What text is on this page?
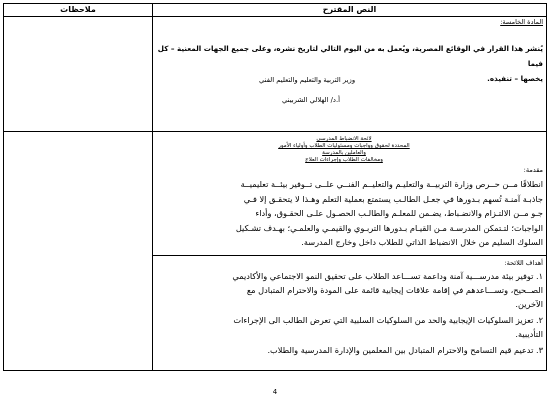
ملاحظات	النص المقترح
المادة الخامسة:
يُنشر هذا القرار في الوقائع المصرية، ويُعمل به من اليوم التالي لتاريخ نشره، وعلى جميع الجهات المعنية – كل فيما
يخصها – تنفيذه.
وزير التربية والتعليم والتعليم الفني
أ.د/ الهلالي الشربيني
لائحة الانضباط المدرسي
المحددة لحقوق وواجبات ومسئوليات الطلاب وأولياء الأمور
والعاملين بالمدرسة
ومخالفات الطلاب وإجراءات العلاج
مقدمة:
انطلاقًا مــن حــرص وزارة التربيــة والتعليـم والتعليــم الفنــي علــى تــوفير بيئــة تعليميــة
جاذبـة آمنـة تُسهم بـدورها في جعـل الطالـب يستمتع بعملية التعلم وهـذا لا يتحقـق إلا فـي
جـو مــن الالتـزام والانضـباط، يضـمن للمعلـم والطالـب الحصـول علـى الحقـوق، وأداء
الواجبات؛ لتـتمكن المدرسـة مـن القيـام بـدورها التربـوي والقيمـي والعلمـي؛ بهـدف تشـكيل
السلوك السليم من خلال الانضباط الذاتي للطلاب داخل وخارج المدرسة.
أهداف اللائحة:
١. توفير بيئة مدرســـية آمنة وداعمة تســـاعد الطلاب على تحقيق النمو الاجتماعي والأكاديمي
الصــحيح، وتســـاعدهم في إقامة علاقات إيجابية قائمة على المودة والاحترام المتبادل مع
الآخرين.
٢. تعزيز السلوكيات الإيجابية والحد من السلوكيات السلبية التي تعرض الطالب الى الإجراءات
التأديبية.
٣. تدعيم قيم التسامح والاحترام المتبادل بين المعلمين والإدارة المدرسية والطلاب.
4
